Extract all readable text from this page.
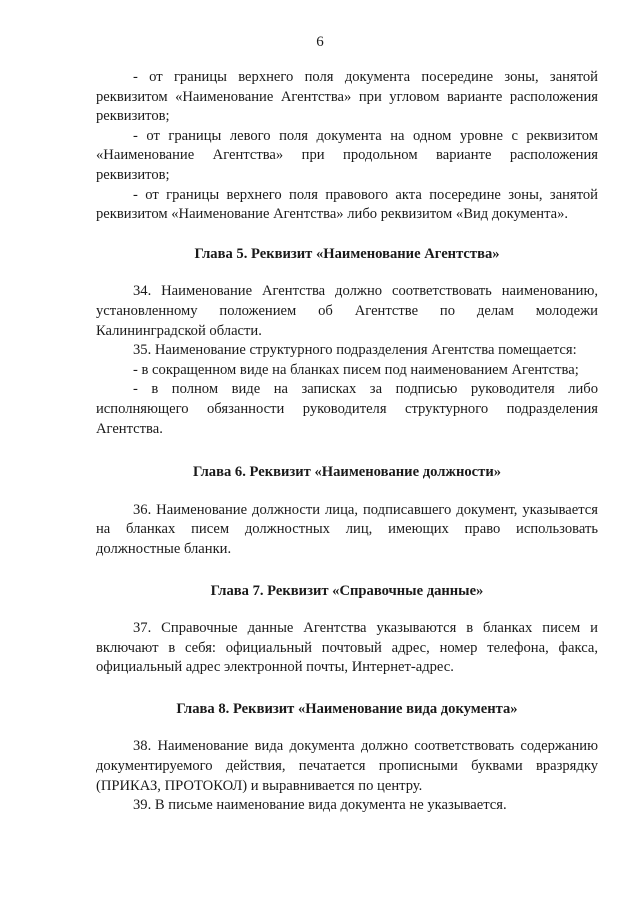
6

- от границы верхнего поля документа посередине зоны, занятой реквизитом «Наименование Агентства» при угловом варианте расположения реквизитов;

- от границы левого поля документа на одном уровне с реквизитом «Наименование Агентства» при продольном варианте расположения реквизитов;

- от границы верхнего поля правового акта посередине зоны, занятой реквизитом «Наименование Агентства» либо реквизитом «Вид документа».

Глава 5. Реквизит «Наименование Агентства»

34. Наименование Агентства должно соответствовать наименованию, установленному положением об Агентстве по делам молодежи Калининградской области.

35. Наименование структурного подразделения Агентства помещается:

- в сокращенном виде на бланках писем под наименованием Агентства;

- в полном виде на записках за подписью руководителя либо исполняющего обязанности руководителя структурного подразделения Агентства.

Глава 6. Реквизит «Наименование должности»

36. Наименование должности лица, подписавшего документ, указывается на бланках писем должностных лиц, имеющих право использовать должностные бланки.

Глава 7. Реквизит «Справочные данные»

37. Справочные данные Агентства указываются в бланках писем и включают в себя: официальный почтовый адрес, номер телефона, факса, официальный адрес электронной почты, Интернет-адрес.

Глава 8. Реквизит «Наименование вида документа»

38. Наименование вида документа должно соответствовать содержанию документируемого действия, печатается прописными буквами вразрядку (ПРИКАЗ, ПРОТОКОЛ) и выравнивается по центру.

39. В письме наименование вида документа не указывается.
